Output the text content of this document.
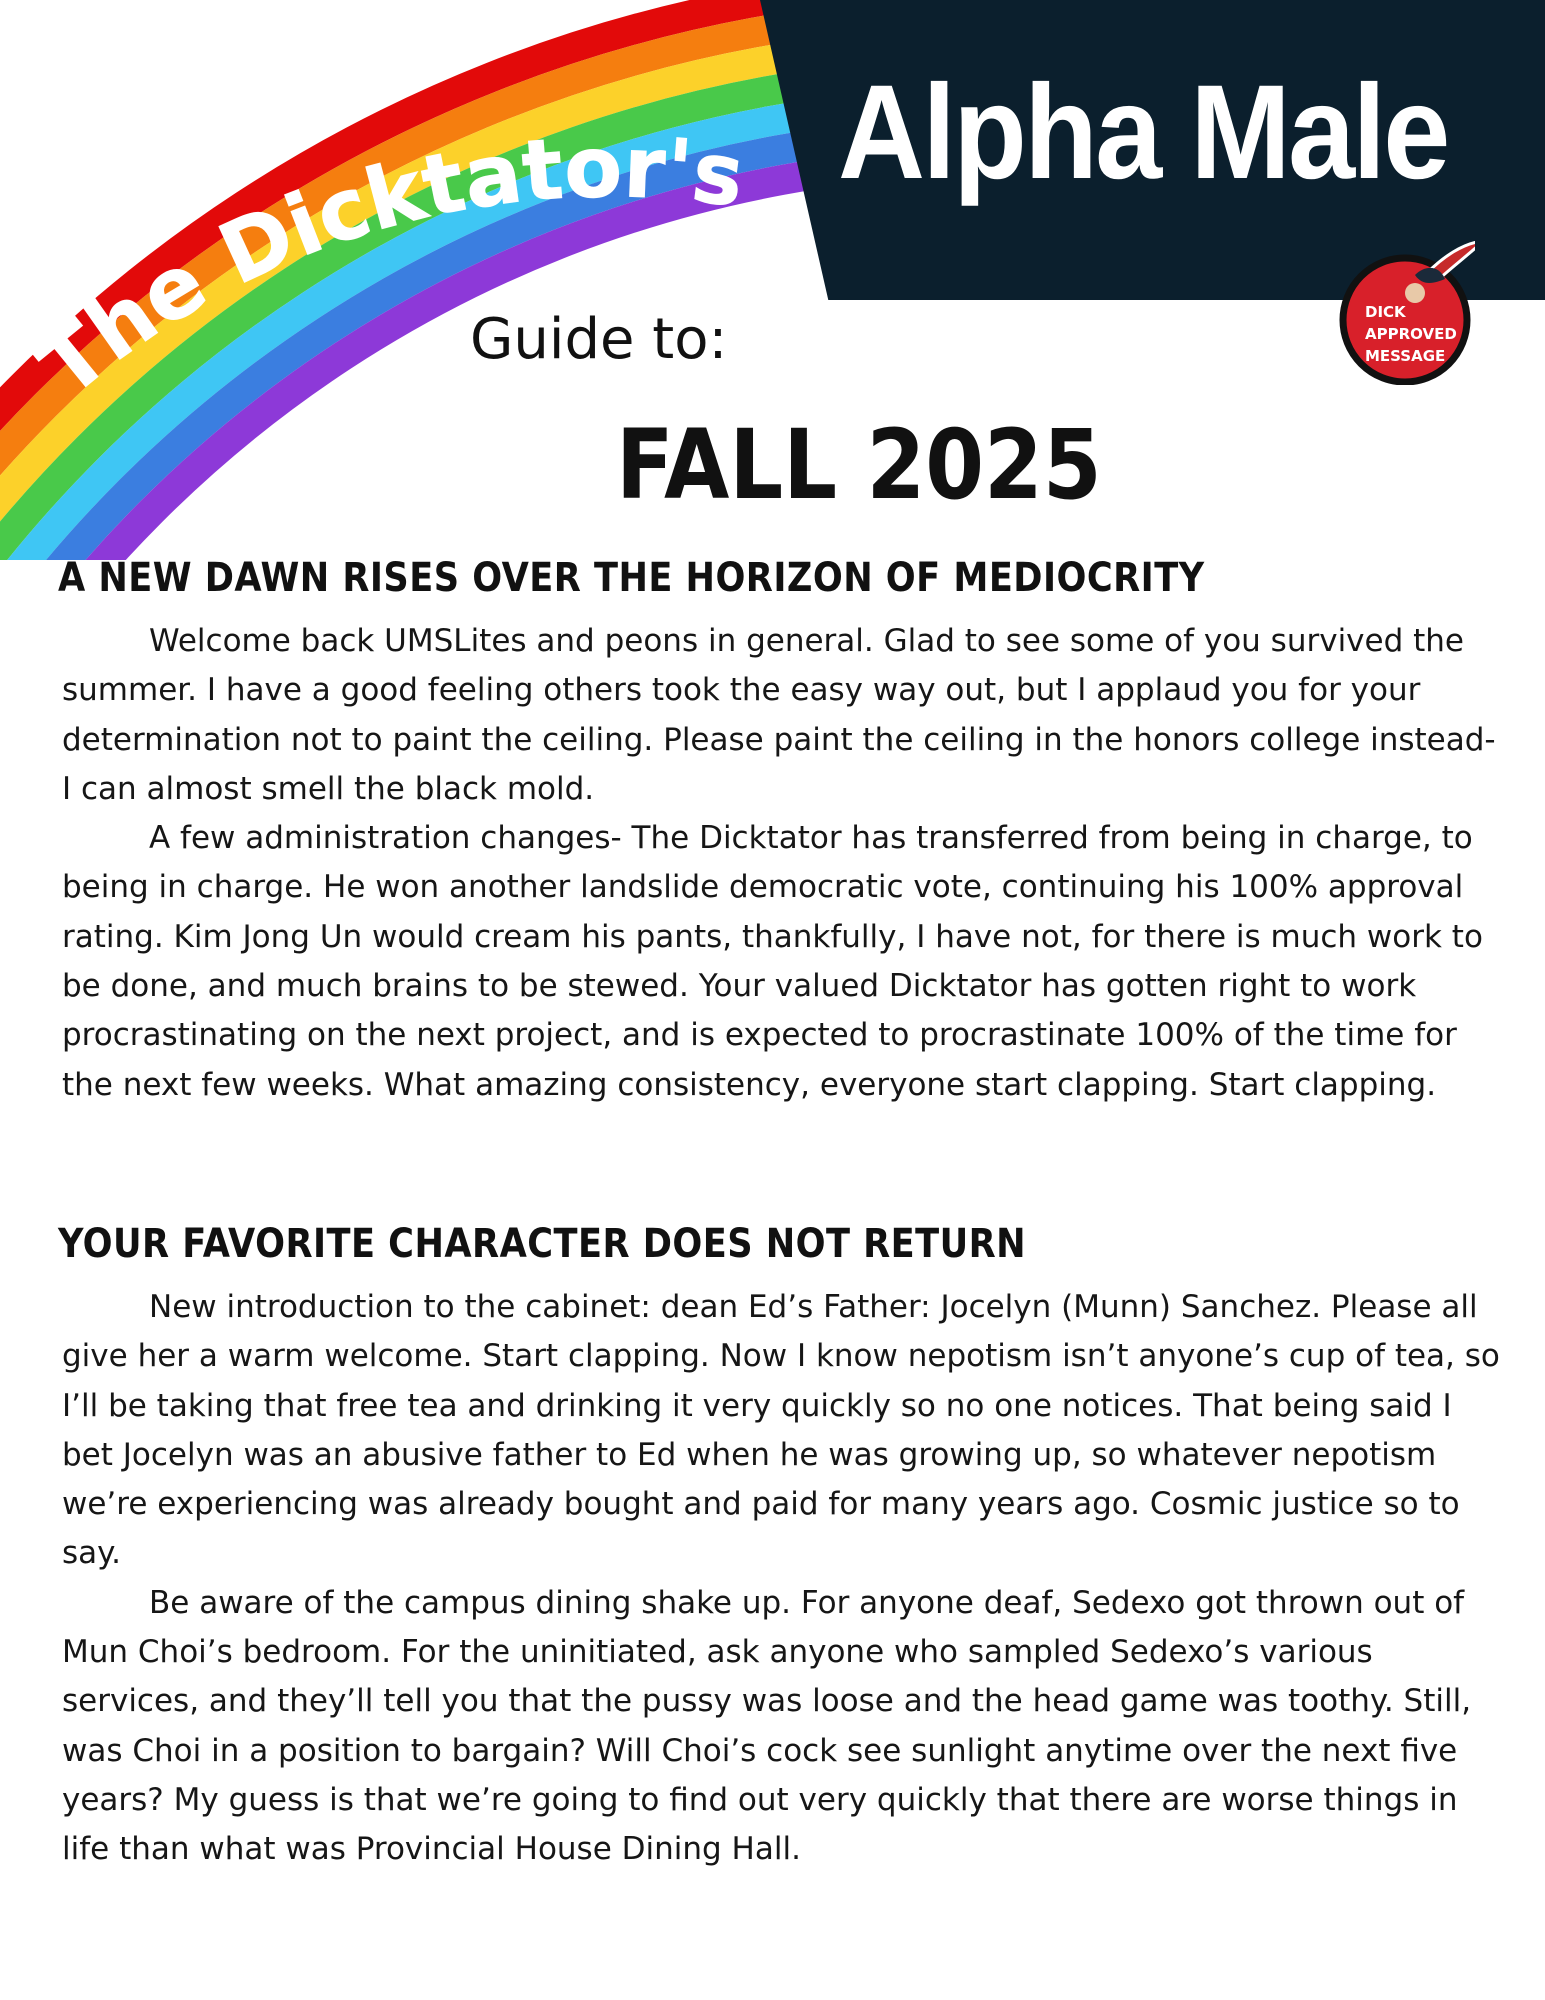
The Dicktator's Alpha Male
DICK
APPROVED
MESSAGE
Guide to:
FALL 2025
A NEW DAWN RISES OVER THE HORIZON OF MEDIOCRITY

Welcome back UMSLites and peons in general. Glad to see some of you survived the summer. I have a good feeling others took the easy way out, but I applaud you for your determination not to paint the ceiling. Please paint the ceiling in the honors college instead- I can almost smell the black mold.

A few administration changes- The Dicktator has transferred from being in charge, to being in charge. He won another landslide democratic vote, continuing his 100% approval rating. Kim Jong Un would cream his pants, thankfully, I have not, for there is much work to be done, and much brains to be stewed. Your valued Dicktator has gotten right to work procrastinating on the next project, and is expected to procrastinate 100% of the time for the next few weeks. What amazing consistency, everyone start clapping. Start clapping.

YOUR FAVORITE CHARACTER DOES NOT RETURN

New introduction to the cabinet: dean Ed’s Father: Jocelyn (Munn) Sanchez. Please all give her a warm welcome. Start clapping. Now I know nepotism isn’t anyone’s cup of tea, so I’ll be taking that free tea and drinking it very quickly so no one notices. That being said I bet Jocelyn was an abusive father to Ed when he was growing up, so whatever nepotism we’re experiencing was already bought and paid for many years ago. Cosmic justice so to say.

Be aware of the campus dining shake up. For anyone deaf, Sedexo got thrown out of Mun Choi’s bedroom. For the uninitiated, ask anyone who sampled Sedexo’s various services, and they’ll tell you that the pussy was loose and the head game was toothy. Still, was Choi in a position to bargain? Will Choi’s cock see sunlight anytime over the next five years? My guess is that we’re going to find out very quickly that there are worse things in life than what was Provincial House Dining Hall.
